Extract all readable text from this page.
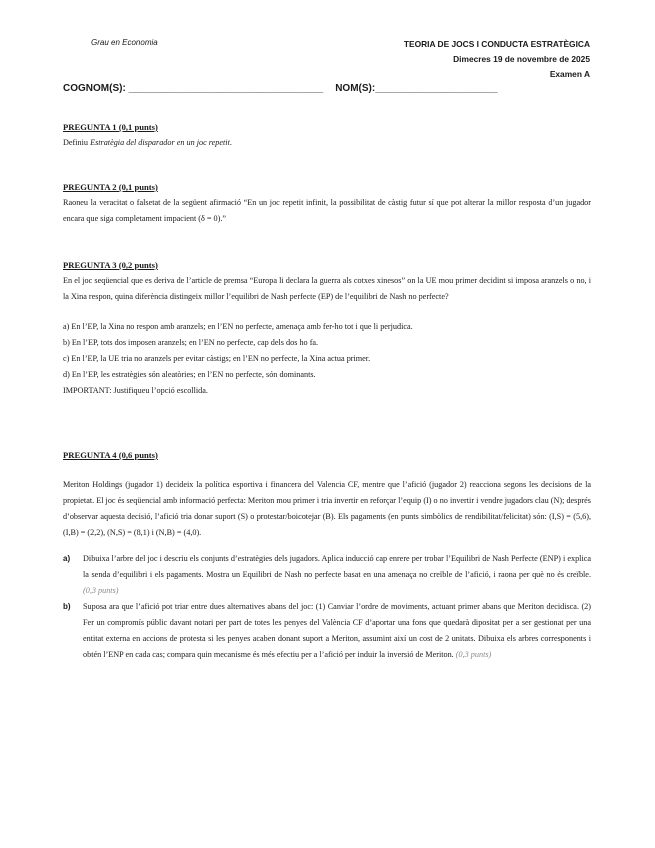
Grau en Economia	TEORIA DE JOCS I CONDUCTA ESTRATÈGICA
Dimecres 19 de novembre de 2025
Examen A
COGNOM(S): ___________________________________ NOM(S):______________________

PREGUNTA 1 (0,1 punts)

Definiu Estratègia del disparador en un joc repetit.

PREGUNTA 2 (0,1 punts)

Raoneu la veracitat o falsetat de la següent afirmació “En un joc repetit infinit, la possibilitat de càstig futur sí que pot alterar la millor resposta d’un jugador encara que siga completament impacient (δ = 0).”

PREGUNTA 3 (0,2 punts)

En el joc seqüencial que es deriva de l’article de premsa “Europa li declara la guerra als cotxes xinesos” on la UE mou primer decidint si imposa aranzels o no, i la Xina respon, quina diferència distingeix millor l’equilibri de Nash perfecte (EP) de l’equilibri de Nash no perfecte?

a) En l’EP, la Xina no respon amb aranzels; en l’EN no perfecte, amenaça amb fer-ho tot i que li perjudica.

b) En l’EP, tots dos imposen aranzels; en l’EN no perfecte, cap dels dos ho fa.

c) En l’EP, la UE tria no aranzels per evitar càstigs; en l’EN no perfecte, la Xina actua primer.

d) En l’EP, les estratègies són aleatòries; en l’EN no perfecte, són dominants.

IMPORTANT: Justifiqueu l’opció escollida.

PREGUNTA 4 (0,6 punts)

Meriton Holdings (jugador 1) decideix la política esportiva i financera del Valencia CF, mentre que l’afició (jugador 2) reacciona segons les decisions de la propietat. El joc és seqüencial amb informació perfecta: Meriton mou primer i tria invertir en reforçar l’equip (I) o no invertir i vendre jugadors clau (N); després d’observar aquesta decisió, l’afició tria donar suport (S) o protestar/boicotejar (B). Els pagaments (en punts simbòlics de rendibilitat/felicitat) són: (I,S) = (5,6), (I,B) = (2,2), (N,S) = (8,1) i (N,B) = (4,0).

a)	Dibuixa l’arbre del joc i descriu els conjunts d’estratègies dels jugadors. Aplica inducció cap enrere per trobar l’Equilibri de Nash Perfecte (ENP) i explica la senda d’equilibri i els pagaments. Mostra un Equilibri de Nash no perfecte basat en una amenaça no creïble de l’afició, i raona per què no és creïble. (0,3 punts)
b)	Suposa ara que l’afició pot triar entre dues alternatives abans del joc: (1) Canviar l’ordre de moviments, actuant primer abans que Meriton decidisca. (2) Fer un compromís públic davant notari per part de totes les penyes del València CF d’aportar una fons que quedarà dipositat per a ser gestionat per una entitat externa en accions de protesta si les penyes acaben donant suport a Meriton, assumint així un cost de 2 unitats. Dibuixa els arbres corresponents i obtén l’ENP en cada cas; compara quin mecanisme és més efectiu per a l’afició per induir la inversió de Meriton. (0,3 punts)
